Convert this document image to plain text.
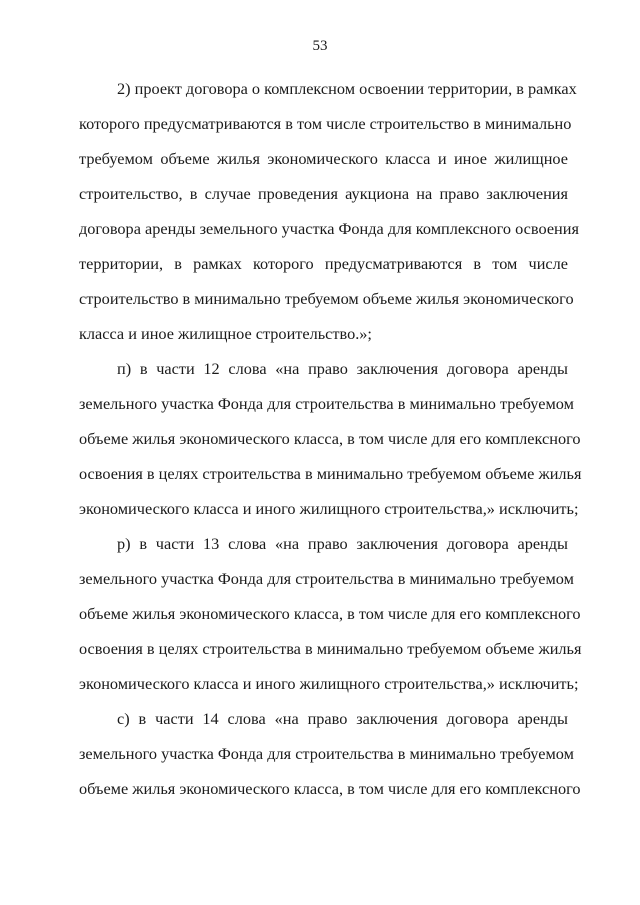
53
2) проект договора о комплексном освоении территории, в рамках
которого предусматриваются в том числе строительство в минимально
требуемом объеме жилья экономического класса и иное жилищное
строительство, в случае проведения аукциона на право заключения
договора аренды земельного участка Фонда для комплексного освоения
территории, в рамках которого предусматриваются в том числе
строительство в минимально требуемом объеме жилья экономического
класса и иное жилищное строительство.»;
п) в части 12 слова «на право заключения договора аренды
земельного участка Фонда для строительства в минимально требуемом
объеме жилья экономического класса, в том числе для его комплексного
освоения в целях строительства в минимально требуемом объеме жилья
экономического класса и иного жилищного строительства,» исключить;
р) в части 13 слова «на право заключения договора аренды
земельного участка Фонда для строительства в минимально требуемом
объеме жилья экономического класса, в том числе для его комплексного
освоения в целях строительства в минимально требуемом объеме жилья
экономического класса и иного жилищного строительства,» исключить;
с) в части 14 слова «на право заключения договора аренды
земельного участка Фонда для строительства в минимально требуемом
объеме жилья экономического класса, в том числе для его комплексного
